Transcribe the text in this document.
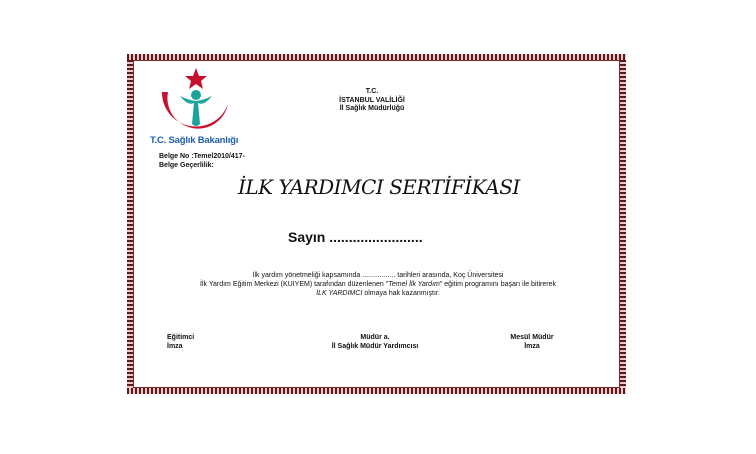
T.C. Sağlık Bakanlığı
T.C.
İSTANBUL VALİLİĞİ
İl Sağlık Müdürlüğü
Belge No :Temel2010/417-
Belge Geçerlilik:
İLK YARDIMCI SERTİFİKASI
Sayın ........................
İlk yardım yönetmeliği kapsamında ................. tarihleri arasında, Koç Üniversitesi
İlk Yardım Eğitim Merkezi (KUIYEM) tarafından düzenlenen "Temel İlk Yardım" eğitim programını başarı ile bitirerek
İLK YARDIMCI olmaya hak kazanmıştır.
Eğitimci
İmza
Müdür a.
İl Sağlık Müdür Yardımcısı
Mesül Müdür
İmza
